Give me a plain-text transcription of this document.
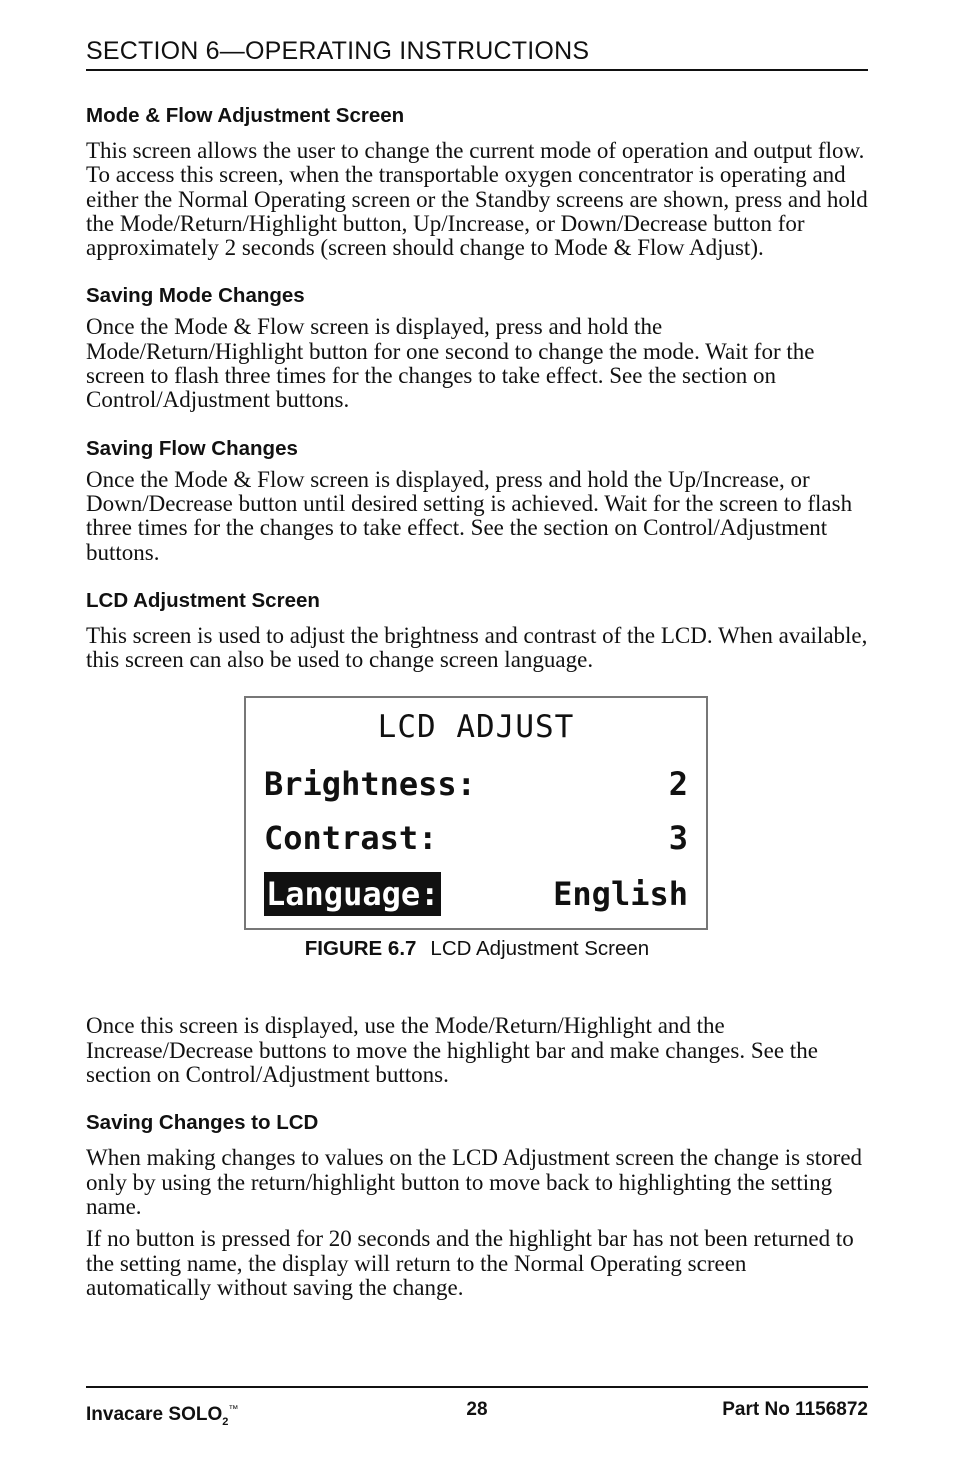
SECTION 6—OPERATING INSTRUCTIONS
Mode & Flow Adjustment Screen

This screen allows the user to change the current mode of operation and output flow. To access this screen, when the transportable oxygen concentrator is operating and either the Normal Operating screen or the Standby screens are shown, press and hold the Mode/Return/Highlight button, Up/Increase, or Down/Decrease button for approximately 2 seconds (screen should change to Mode & Flow Adjust).

Saving Mode Changes

Once the Mode & Flow screen is displayed, press and hold the Mode/Return/Highlight button for one second to change the mode. Wait for the screen to flash three times for the changes to take effect. See the section on Control/Adjustment buttons.

Saving Flow Changes

Once the Mode & Flow screen is displayed, press and hold the Up/Increase, or Down/Decrease button until desired setting is achieved. Wait for the screen to flash three times for the changes to take effect. See the section on Control/Adjustment buttons.

LCD Adjustment Screen

This screen is used to adjust the brightness and contrast of the LCD. When available, this screen can also be used to change screen language.

LCD ADJUST
Brightness:	2
Contrast:	3
Language:	English
FIGURE 6.7 LCD Adjustment Screen

Once this screen is displayed, use the Mode/Return/Highlight and the Increase/Decrease buttons to move the highlight bar and make changes. See the section on Control/Adjustment buttons.

Saving Changes to LCD

When making changes to values on the LCD Adjustment screen the change is stored only by using the return/highlight button to move back to highlighting the setting name.

If no button is pressed for 20 seconds and the highlight bar has not been returned to the setting name, the display will return to the Normal Operating screen automatically without saving the change.

Invacare $SOLO_2™$	28	Part No 1156872
